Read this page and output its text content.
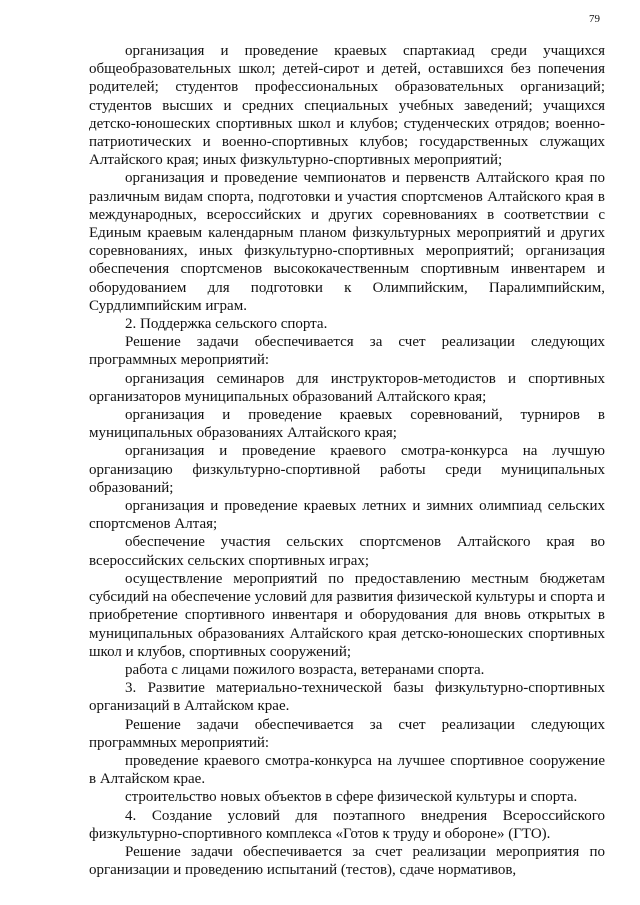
79

организация и проведение краевых спартакиад среди учащихся общеобразовательных школ; детей-сирот и детей, оставшихся без попечения родителей; студентов профессиональных образовательных организаций; студентов высших и средних специальных учебных заведений; учащихся детско-юношеских спортивных школ и клубов; студенческих отрядов; военно-патриотических и военно-спортивных клубов; государственных служащих Алтайского края; иных физкультурно-спортивных мероприятий;

организация и проведение чемпионатов и первенств Алтайского края по различным видам спорта, подготовки и участия спортсменов Алтайского края в международных, всероссийских и других соревнованиях в соответствии с Единым краевым календарным планом физкультурных мероприятий и других соревнованиях, иных физкультурно-спортивных мероприятий; организация обеспечения спортсменов высококачественным спортивным инвентарем и оборудованием для подготовки к Олимпийским, Паралимпийским, Сурдлимпийским играм.

2. Поддержка сельского спорта.

Решение задачи обеспечивается за счет реализации следующих программных мероприятий:

организация семинаров для инструкторов-методистов и спортивных организаторов муниципальных образований Алтайского края;

организация и проведение краевых соревнований, турниров в муниципальных образованиях Алтайского края;

организация и проведение краевого смотра-конкурса на лучшую организацию физкультурно-спортивной работы среди муниципальных образований;

организация и проведение краевых летних и зимних олимпиад сельских спортсменов Алтая;

обеспечение участия сельских спортсменов Алтайского края во всероссийских сельских спортивных играх;

осуществление мероприятий по предоставлению местным бюджетам субсидий на обеспечение условий для развития физической культуры и спорта и приобретение спортивного инвентаря и оборудования для вновь открытых в муниципальных образованиях Алтайского края детско-юношеских спортивных школ и клубов, спортивных сооружений;

работа с лицами пожилого возраста, ветеранами спорта.

3. Развитие материально-технической базы физкультурно-спортивных организаций в Алтайском крае.

Решение задачи обеспечивается за счет реализации следующих программных мероприятий:

проведение краевого смотра-конкурса на лучшее спортивное сооружение в Алтайском крае.

строительство новых объектов в сфере физической культуры и спорта.

4. Создание условий для поэтапного внедрения Всероссийского физкультурно-спортивного комплекса «Готов к труду и обороне» (ГТО).

Решение задачи обеспечивается за счет реализации мероприятия по организации и проведению испытаний (тестов), сдаче нормативов,
